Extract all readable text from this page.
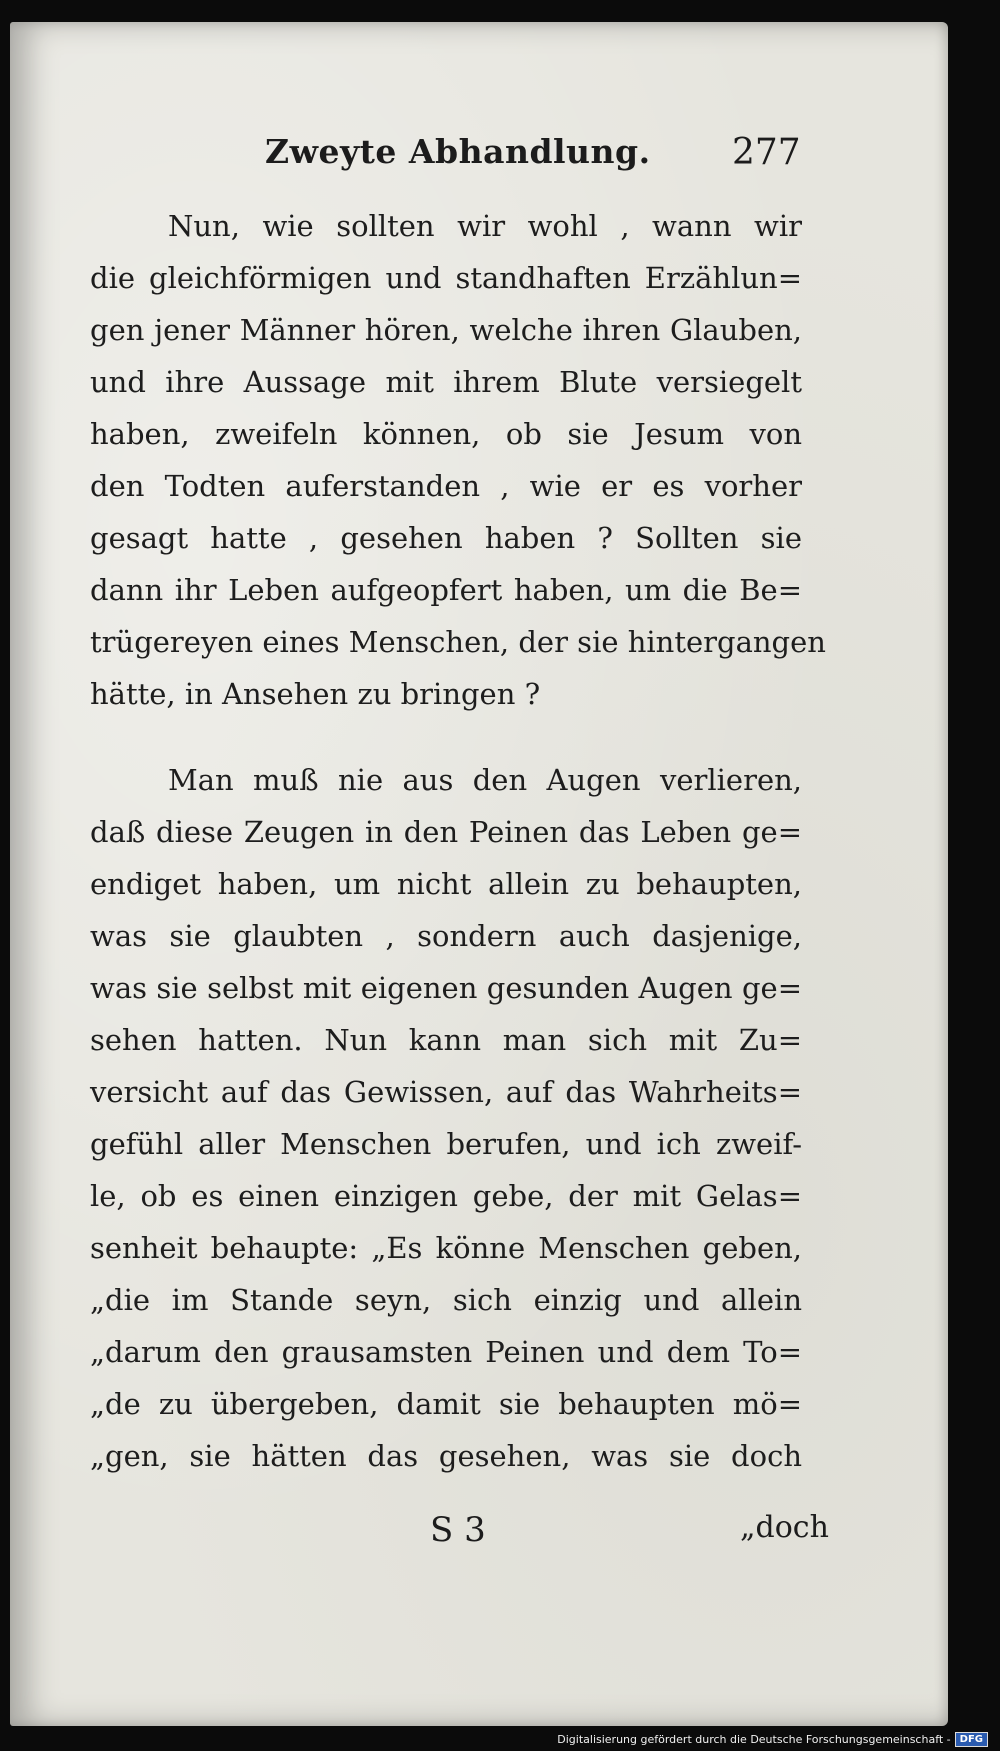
Zweyte Abhandlung. 277
Nun, wie sollten wir wohl , wann wir
die gleichförmigen und standhaften Erzählun=
gen jener Männer hören, welche ihren Glauben,
und ihre Aussage mit ihrem Blute versiegelt
haben, zweifeln können, ob sie Jesum von
den Todten auferstanden , wie er es vorher
gesagt hatte , gesehen haben ? Sollten sie
dann ihr Leben aufgeopfert haben, um die Be=
trügereyen eines Menschen, der sie hintergangen
hätte, in Ansehen zu bringen ?
Man muß nie aus den Augen verlieren,
daß diese Zeugen in den Peinen das Leben ge=
endiget haben, um nicht allein zu behaupten,
was sie glaubten , sondern auch dasjenige,
was sie selbst mit eigenen gesunden Augen ge=
sehen hatten. Nun kann man sich mit Zu=
versicht auf das Gewissen, auf das Wahrheits=
gefühl aller Menschen berufen, und ich zweif-
le, ob es einen einzigen gebe, der mit Gelas=
senheit behaupte: „Es könne Menschen geben,
„die im Stande seyn, sich einzig und allein
„darum den grausamsten Peinen und dem To=
„de zu übergeben, damit sie behaupten mö=
„gen, sie hätten das gesehen, was sie doch
S 3	„doch
Digitalisierung gefördert durch die Deutsche Forschungsgemeinschaft - DFG
